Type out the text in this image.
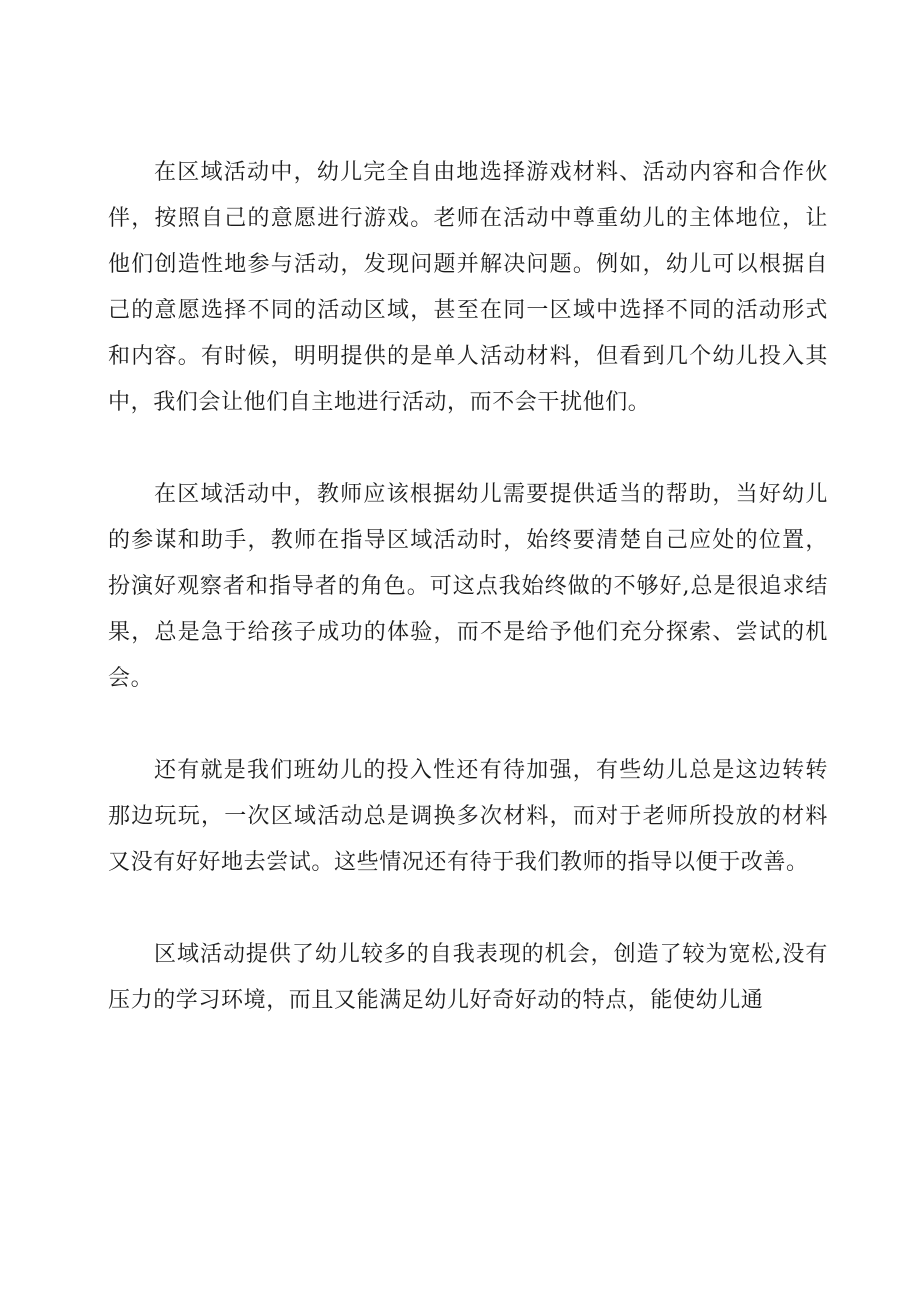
在区域活动中，幼儿完全自由地选择游戏材料、活动内容和合作伙伴，按照自己的意愿进行游戏。老师在活动中尊重幼儿的主体地位，让他们创造性地参与活动，发现问题并解决问题。例如，幼儿可以根据自己的意愿选择不同的活动区域，甚至在同一区域中选择不同的活动形式和内容。有时候，明明提供的是单人活动材料，但看到几个幼儿投入其中，我们会让他们自主地进行活动，而不会干扰他们。

在区域活动中，教师应该根据幼儿需要提供适当的帮助，当好幼儿的参谋和助手，教师在指导区域活动时，始终要清楚自己应处的位置，扮演好观察者和指导者的角色。可这点我始终做的不够好,总是很追求结果，总是急于给孩子成功的体验，而不是给予他们充分探索、尝试的机会。

还有就是我们班幼儿的投入性还有待加强，有些幼儿总是这边转转那边玩玩，一次区域活动总是调换多次材料，而对于老师所投放的材料又没有好好地去尝试。这些情况还有待于我们教师的指导以便于改善。

区域活动提供了幼儿较多的自我表现的机会，创造了较为宽松,没有压力的学习环境，而且又能满足幼儿好奇好动的特点，能使幼儿通
